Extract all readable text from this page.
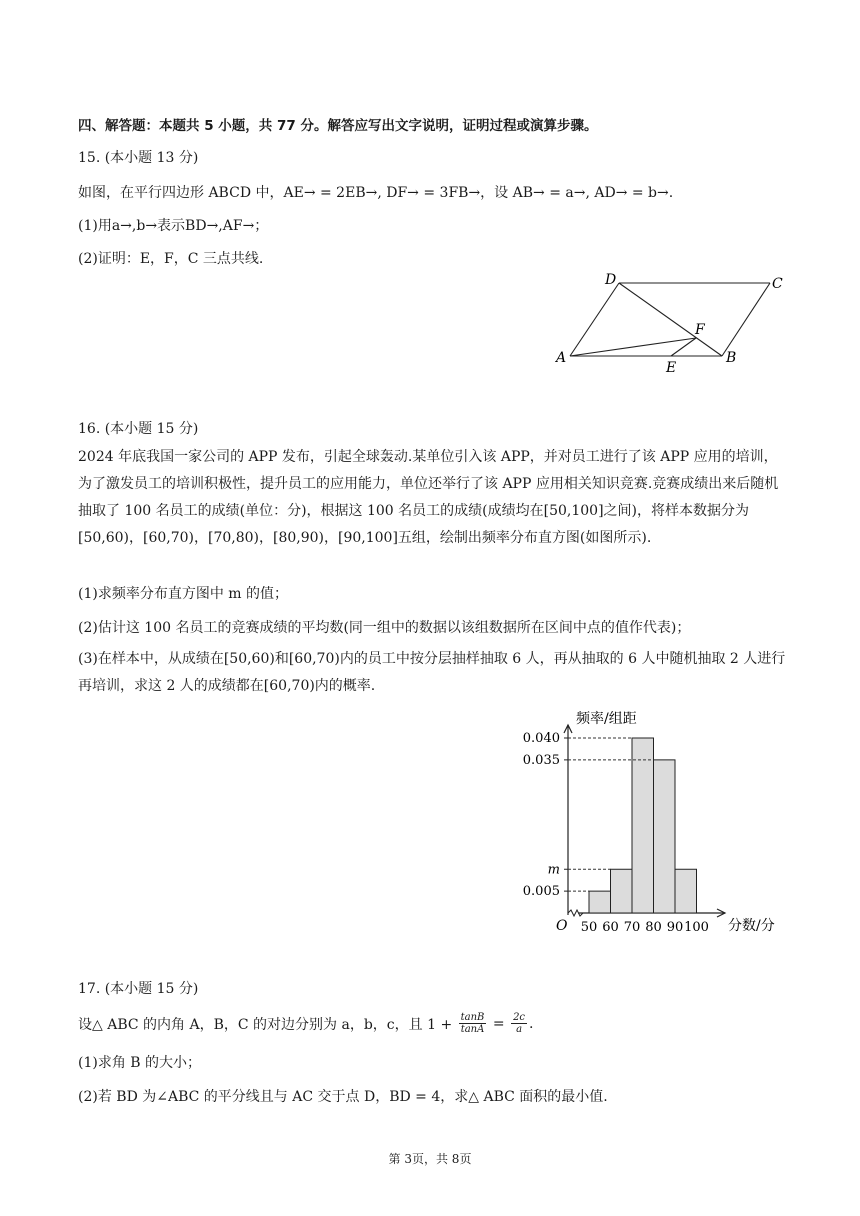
四、解答题：本题共 5 小题，共 77 分。解答应写出文字说明，证明过程或演算步骤。
15. (本小题 13 分)
如图，在平行四边形 ABCD 中，AE→ = 2EB→, DF→ = 3FB→，设 AB→ = a→, AD→ = b→.
(1)用a→,b→表示BD→,AF→；
(2)证明：E，F，C 三点共线.
A	B
C
D
E
F
16. (本小题 15 分)
2024 年底我国一家公司的 APP 发布，引起全球轰动.某单位引入该 APP，并对员工进行了该 APP 应用的培训，为了激发员工的培训积极性，提升员工的应用能力，单位还举行了该 APP 应用相关知识竞赛.竞赛成绩出来后随机抽取了 100 名员工的成绩(单位：分)，根据这 100 名员工的成绩(成绩均在[50,100]之间)，将样本数据分为[50,60)，[60,70)，[70,80)，[80,90)，[90,100]五组，绘制出频率分布直方图(如图所示).
(1)求频率分布直方图中 m 的值；
(2)估计这 100 名员工的竞赛成绩的平均数(同一组中的数据以该组数据所在区间中点的值作代表)；
(3)在样本中，从成绩在[50,60)和[60,70)内的员工中按分层抽样抽取 6 人，再从抽取的 6 人中随机抽取 2 人进行再培训，求这 2 人的成绩都在[60,70)内的概率.
0.040
0.035
m
0.005
50 60 70 80 90 100
O
频率/组距
分数/分
17. (本小题 15 分)
设△ ABC 的内角 A，B，C 的对边分别为 a，b，c，且 $1 + \frac{\tan B}{\tan A} = \frac{2c}{a}$ .
(1)求角 B 的大小；
(2)若 BD 为∠ABC 的平分线且与 AC 交于点 D，BD = 4，求△ ABC 面积的最小值.
第 3页，共 8页
